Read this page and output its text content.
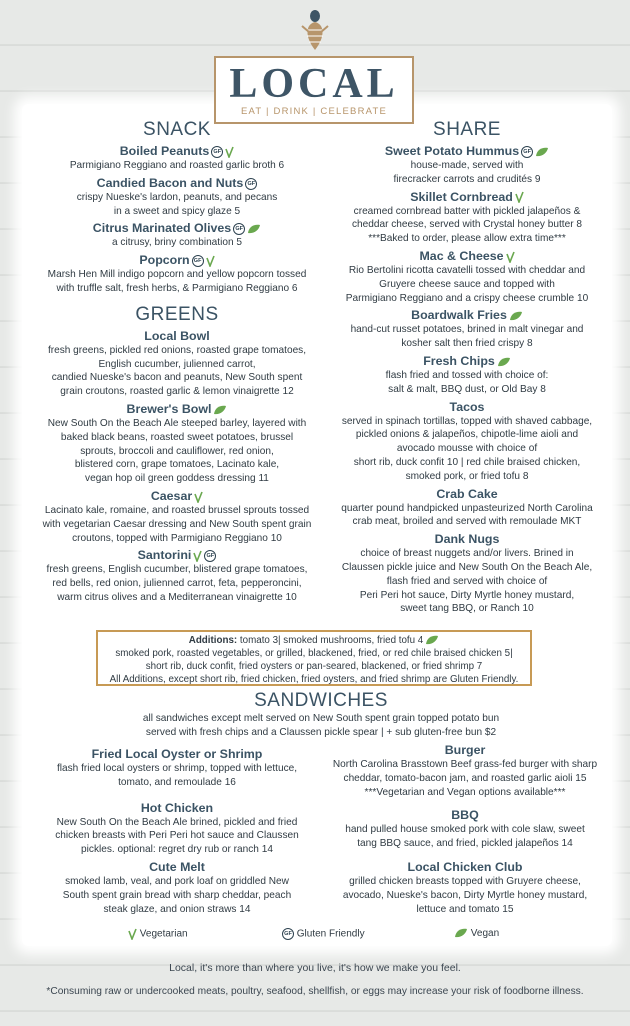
LOCAL
EAT | DRINK | CELEBRATE
SNACK
Boiled Peanuts GF
Parmigiano Reggiano and roasted garlic broth 6
Candied Bacon and Nuts GF
crispy Nueske's lardon, peanuts, and pecans
in a sweet and spicy glaze 5
Citrus Marinated Olives GF
a citrusy, briny combination 5
Popcorn GF
Marsh Hen Mill indigo popcorn and yellow popcorn tossed
with truffle salt, fresh herbs, & Parmigiano Reggiano 6
GREENS
Local Bowl
fresh greens, pickled red onions, roasted grape tomatoes,
English cucumber, julienned carrot,
candied Nueske's bacon and peanuts, New South spent
grain croutons, roasted garlic & lemon vinaigrette 12
Brewer's Bowl
New South On the Beach Ale steeped barley, layered with
baked black beans, roasted sweet potatoes, brussel
sprouts, broccoli and cauliflower, red onion,
blistered corn, grape tomatoes, Lacinato kale,
vegan hop oil green goddess dressing 11
Caesar
Lacinato kale, romaine, and roasted brussel sprouts tossed
with vegetarian Caesar dressing and New South spent grain
croutons, topped with Parmigiano Reggiano 10
Santorini	GF
fresh greens, English cucumber, blistered grape tomatoes,
red bells, red onion, julienned carrot, feta, pepperoncini,
warm citrus olives and a Mediterranean vinaigrette 10
SHARE
Sweet Potato Hummus GF
house-made, served with
firecracker carrots and crudités 9
Skillet Cornbread
creamed cornbread batter with pickled jalapeños &
cheddar cheese, served with Crystal honey butter 8
***Baked to order, please allow extra time***
Mac & Cheese
Rio Bertolini ricotta cavatelli tossed with cheddar and
Gruyere cheese sauce and topped with
Parmigiano Reggiano and a crispy cheese crumble 10
Boardwalk Fries
hand-cut russet potatoes, brined in malt vinegar and
kosher salt then fried crispy 8
Fresh Chips
flash fried and tossed with choice of:
salt & malt, BBQ dust, or Old Bay 8
Tacos
served in spinach tortillas, topped with shaved cabbage,
pickled onions & jalapeños, chipotle-lime aioli and
avocado mousse with choice of
short rib, duck confit 10 | red chile braised chicken,
smoked pork, or fried tofu 8
Crab Cake
quarter pound handpicked unpasteurized North Carolina
crab meat, broiled and served with remoulade MKT
Dank Nugs
choice of breast nuggets and/or livers. Brined in
Claussen pickle juice and New South On the Beach Ale,
flash fried and served with choice of
Peri Peri hot sauce, Dirty Myrtle honey mustard,
sweet tang BBQ, or Ranch 10
Additions: tomato 3| smoked mushrooms, fried tofu 4
smoked pork, roasted vegetables, or grilled, blackened, fried, or red chile braised chicken 5|
short rib, duck confit, fried oysters or pan-seared, blackened, or fried shrimp 7
All Additions, except short rib, fried chicken, fried oysters, and fried shrimp are Gluten Friendly.
SANDWICHES
all sandwiches except melt served on New South spent grain topped potato bun
served with fresh chips and a Claussen pickle spear | + sub gluten-free bun $2
Fried Local Oyster or Shrimp
flash fried local oysters or shrimp, topped with lettuce,
tomato, and remoulade 16
Hot Chicken
New South On the Beach Ale brined, pickled and fried
chicken breasts with Peri Peri hot sauce and Claussen
pickles. optional: regret dry rub or ranch 14
Cute Melt
smoked lamb, veal, and pork loaf on griddled New
South spent grain bread with sharp cheddar, peach
steak glaze, and onion straws 14
Burger
North Carolina Brasstown Beef grass-fed burger with sharp
cheddar, tomato-bacon jam, and roasted garlic aioli 15
***Vegetarian and Vegan options available***
BBQ
hand pulled house smoked pork with cole slaw, sweet
tang BBQ sauce, and fried, pickled jalapeños 14
Local Chicken Club
grilled chicken breasts topped with Gruyere cheese,
avocado, Nueske's bacon, Dirty Myrtle honey mustard,
lettuce and tomato 15
Vegetarian	GF Gluten Friendly	Vegan
Local, it's more than where you live, it's how we make you feel.
*Consuming raw or undercooked meats, poultry, seafood, shellfish, or eggs may increase your risk of foodborne illness.
